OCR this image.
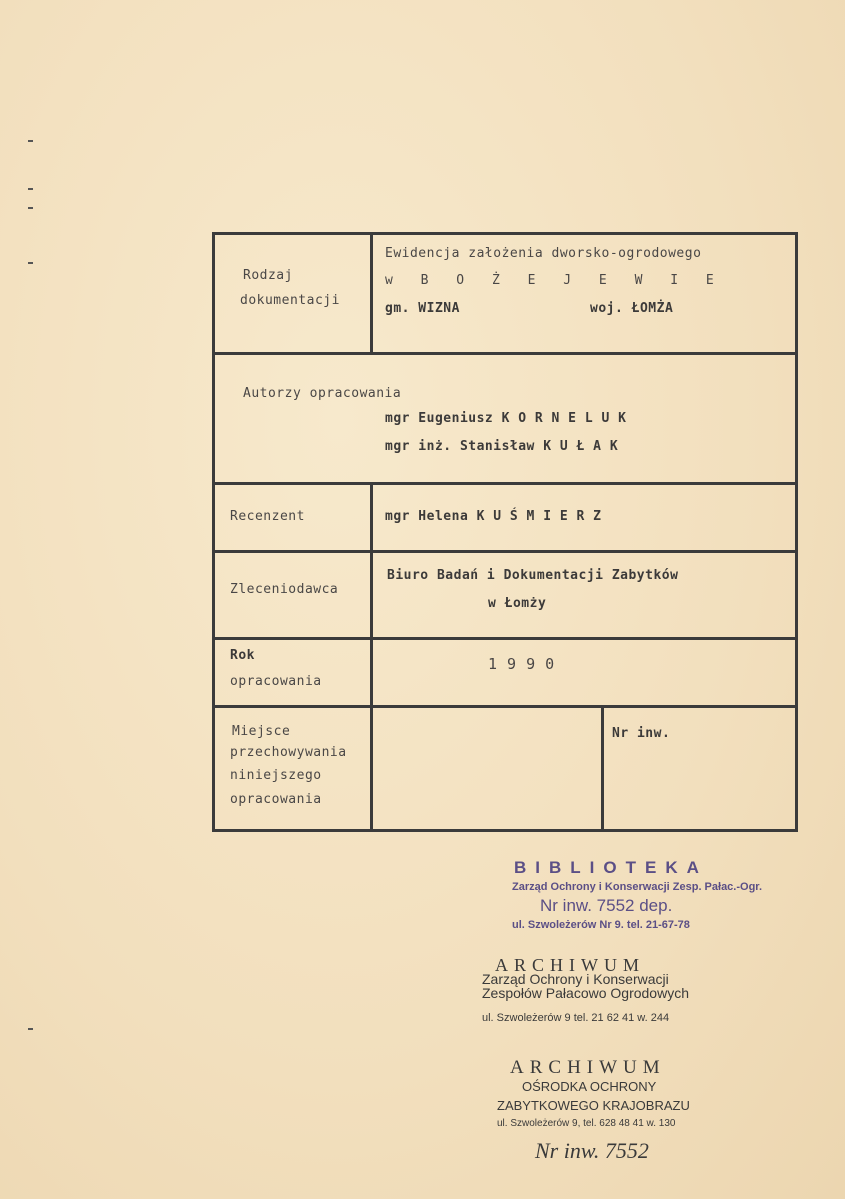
Rodzaj
dokumentacji
Ewidencja założenia dworsko-ogrodowego
w B O Ż E J E W I E
gm. WIZNA	woj. ŁOMŻA
Autorzy opracowania
mgr Eugeniusz K O R N E L U K
mgr inż. Stanisław K U Ł A K
Recenzent	mgr Helena K U Ś M I E R Z
Zleceniodawca
Biuro Badań i Dokumentacji Zabytków
w Łomży
Rok
opracowania
1 9 9 0
Miejsce
przechowywania
niniejszego
opracowania
Nr inw.
BIBLIOTEKA
Zarząd Ochrony i Konserwacji Zesp. Pałac.-Ogr.
Nr inw. 7552 dep.
ul. Szwoleżerów Nr 9. tel. 21-67-78
ARCHIWUM
Zarząd Ochrony i Konserwacji
Zespołów Pałacowo Ogrodowych
ul. Szwoleżerów 9 tel. 21 62 41 w. 244
ARCHIWUM
OŚRODKA OCHRONY
ZABYTKOWEGO KRAJOBRAZU
ul. Szwoleżerów 9, tel. 628 48 41 w. 130
Nr inw. 7552
